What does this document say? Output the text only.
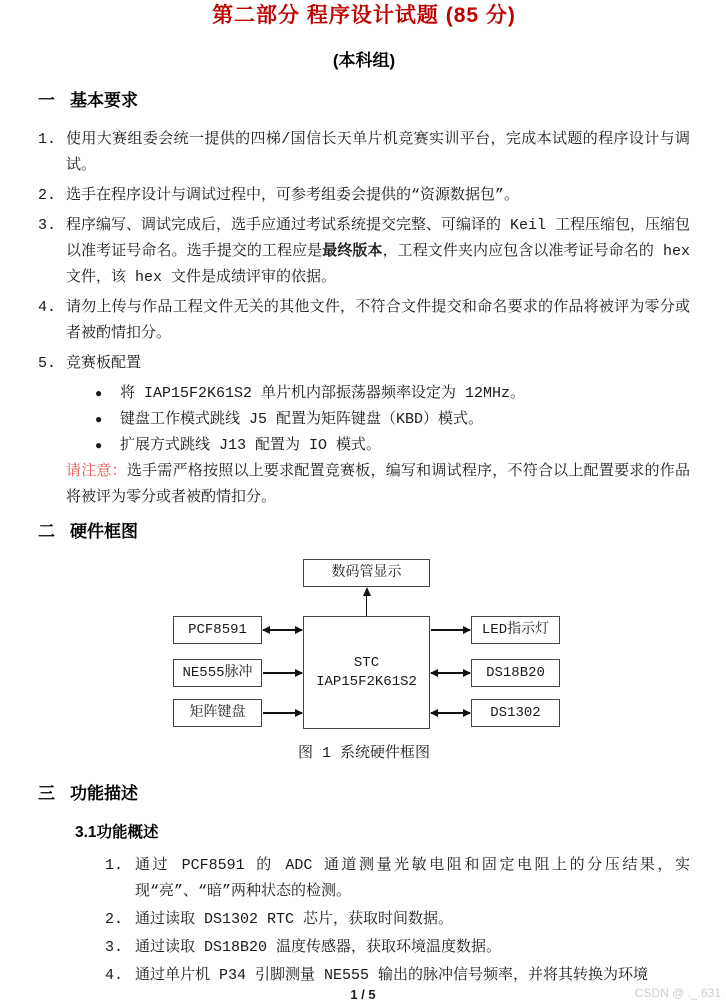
第二部分 程序设计试题 (85 分)
(本科组)
一 基本要求
1. 使用大赛组委会统一提供的四梯/国信长天单片机竞赛实训平台，完成本试题的程序设计与调试。
2. 选手在程序设计与调试过程中，可参考组委会提供的“资源数据包”。
3. 程序编写、调试完成后，选手应通过考试系统提交完整、可编译的 Keil 工程压缩包，压缩包以准考证号命名。选手提交的工程应是最终版本，工程文件夹内应包含以准考证号命名的 hex 文件，该 hex 文件是成绩评审的依据。
4. 请勿上传与作品工程文件无关的其他文件，不符合文件提交和命名要求的作品将被评为零分或者被酌情扣分。
5. 竞赛板配置
● 将 IAP15F2K61S2 单片机内部振荡器频率设定为 12MHz。
● 键盘工作模式跳线 J5 配置为矩阵键盘（KBD）模式。
● 扩展方式跳线 J13 配置为 IO 模式。
请注意：选手需严格按照以上要求配置竞赛板，编写和调试程序，不符合以上配置要求的作品将被评为零分或者被酌情扣分。
二 硬件框图
数码管显示
STC
IAP15F2K61S2
PCF8591
NE555脉冲
矩阵键盘
LED指示灯
DS18B20
DS1302
图 1 系统硬件框图
三 功能描述
3.1功能概述
1. 通过 PCF8591 的 ADC 通道测量光敏电阻和固定电阻上的分压结果，实现“亮”、“暗”两种状态的检测。
2. 通过读取 DS1302 RTC 芯片，获取时间数据。
3. 通过读取 DS18B20 温度传感器，获取环境温度数据。
4. 通过单片机 P34 引脚测量 NE555 输出的脉冲信号频率，并将其转换为环境
1 / 5	CSDN @ ._.631
